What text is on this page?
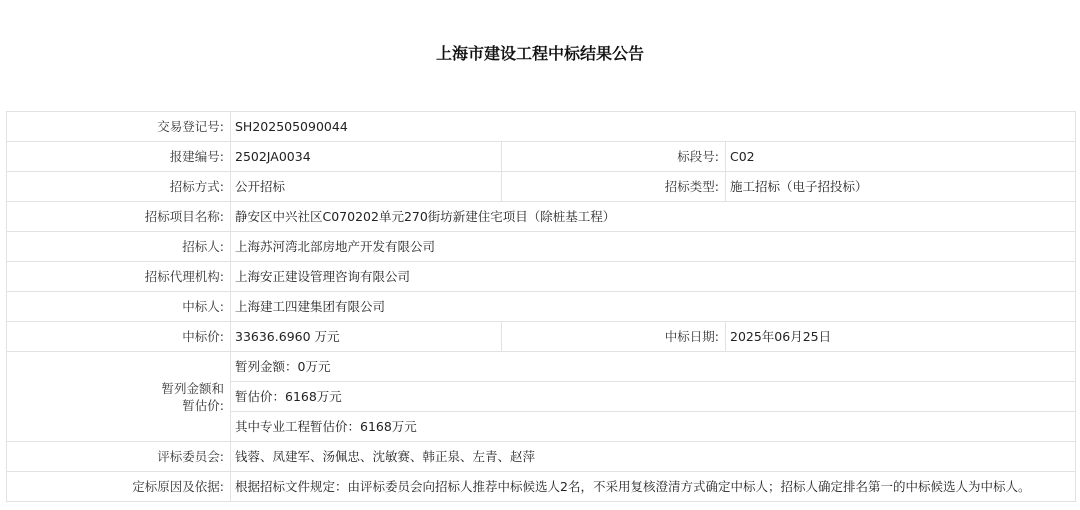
上海市建设工程中标结果公告
交易登记号:	SH202505090044		
报建编号:	2502JA0034	标段号:	C02
招标方式:	公开招标	招标类型:	施工招标（电子招投标）
招标项目名称:	静安区中兴社区C070202单元270街坊新建住宅项目（除桩基工程）		
招标人:	上海苏河湾北部房地产开发有限公司		
招标代理机构:	上海安正建设管理咨询有限公司		
中标人:	上海建工四建集团有限公司		
中标价:	33636.6960 万元	中标日期:	2025年06月25日
暂列金额和
暂估价:	暂列金额：0万元		
	暂估价：6168万元		
	其中专业工程暂估价：6168万元		
评标委员会:	钱蓉、凤建军、汤佩忠、沈敏赛、韩正泉、左青、赵萍		
定标原因及依据:	根据招标文件规定：由评标委员会向招标人推荐中标候选人2名，不采用复核澄清方式确定中标人；招标人确定排名第一的中标候选人为中标人。		
